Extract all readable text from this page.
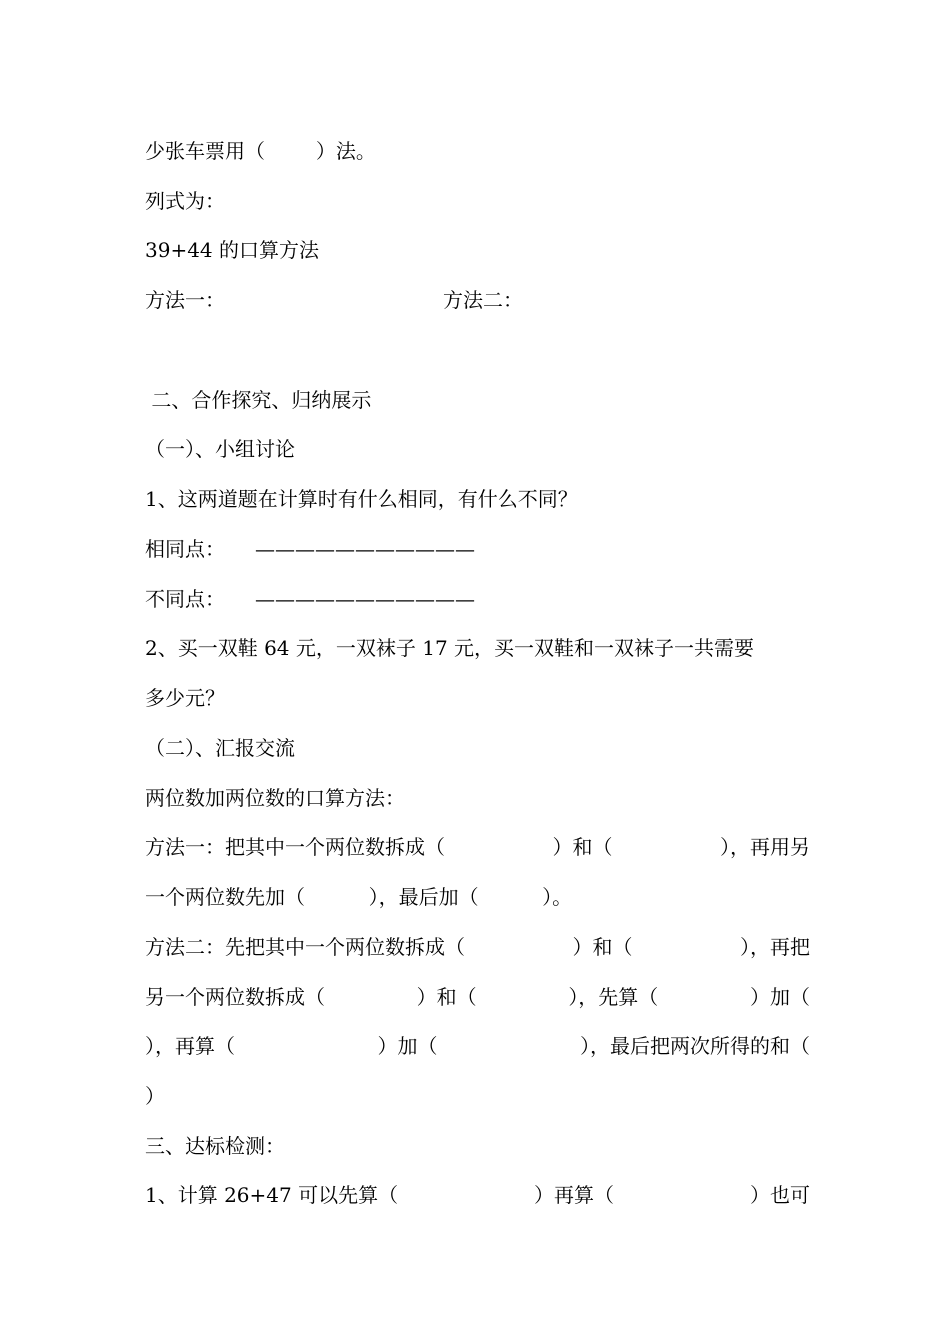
少张车票用（        ）法。
列式为：
39+44 的口算方法
方法一：	方法二：
二、合作探究、归纳展示
（一）、小组讨论
1、这两道题在计算时有什么相同，有什么不同？
相同点： ———————————
不同点： ———————————
2、买一双鞋 64 元，一双袜子 17 元，买一双鞋和一双袜子一共需要
多少元？
（二）、汇报交流
两位数加两位数的口算方法：
方法一：把其中一个两位数拆成（	）和（	），再用另
一个两位数先加（          ），最后加（          ）。
方法二：先把其中一个两位数拆成（	）和（	），再把
另一个两位数拆成（	）和（	），先算（	）加（
），再算（	）加（	），最后把两次所得的和（
）
三、达标检测：
1、计算 26+47 可以先算（	）再算（	）也可
